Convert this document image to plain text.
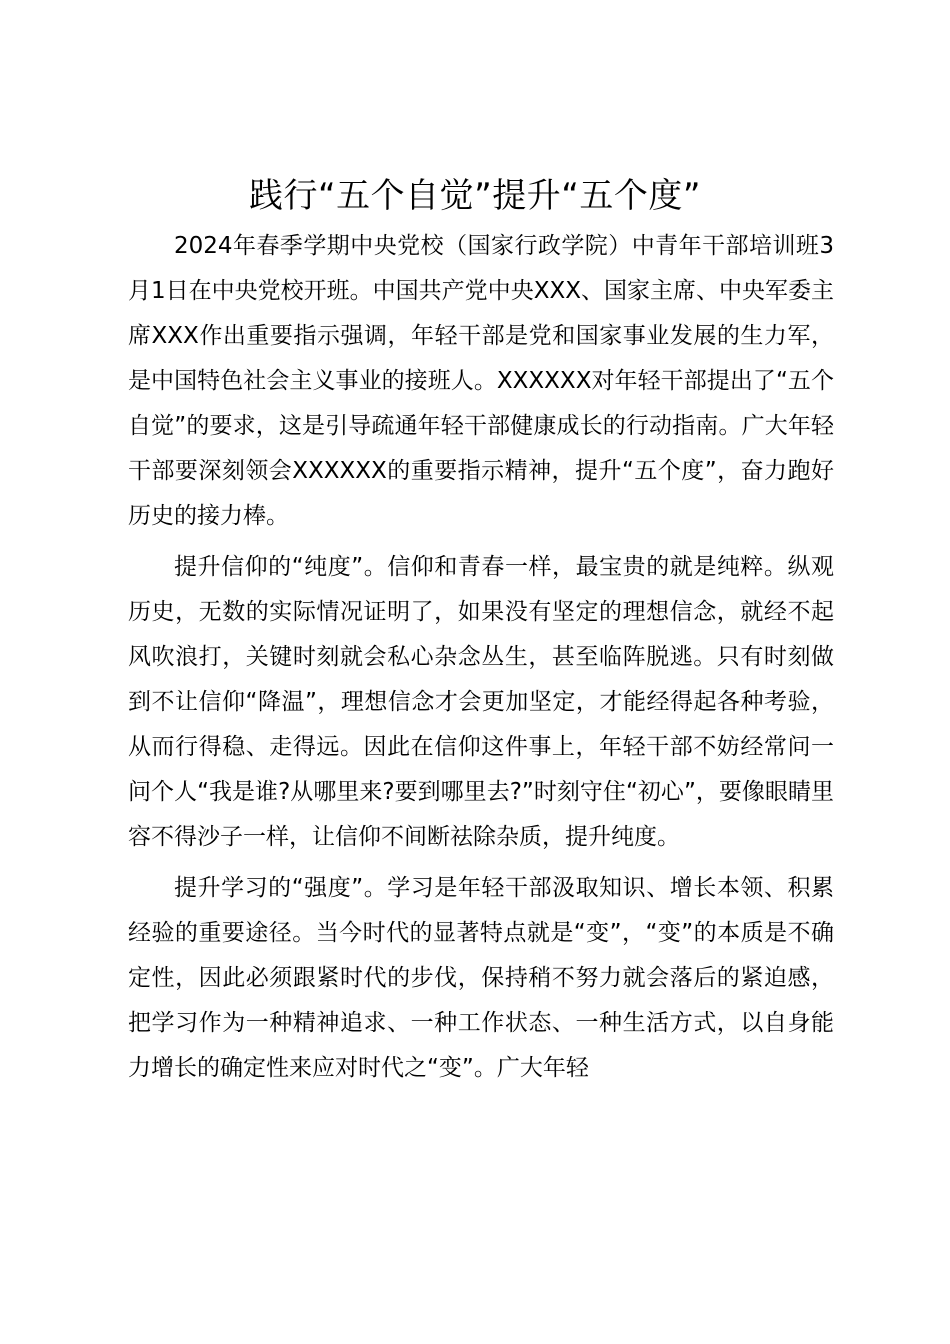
践行“五个自觉”提升“五个度”

2024年春季学期中央党校（国家行政学院）中青年干部培训班3月1日在中央党校开班。中国共产党中央XXX、国家主席、中央军委主席XXX作出重要指示强调，年轻干部是党和国家事业发展的生力军，是中国特色社会主义事业的接班人。XXXXXX对年轻干部提出了“五个自觉”的要求，这是引导疏通年轻干部健康成长的行动指南。广大年轻干部要深刻领会XXXXXX的重要指示精神，提升“五个度”，奋力跑好历史的接力棒。

提升信仰的“纯度”。信仰和青春一样，最宝贵的就是纯粹。纵观历史，无数的实际情况证明了，如果没有坚定的理想信念，就经不起风吹浪打，关键时刻就会私心杂念丛生，甚至临阵脱逃。只有时刻做到不让信仰“降温”，理想信念才会更加坚定，才能经得起各种考验，从而行得稳、走得远。因此在信仰这件事上，年轻干部不妨经常问一问个人“我是谁?从哪里来?要到哪里去?”时刻守住“初心”，要像眼睛里容不得沙子一样，让信仰不间断祛除杂质，提升纯度。

提升学习的“强度”。学习是年轻干部汲取知识、增长本领、积累经验的重要途径。当今时代的显著特点就是“变”，“变”的本质是不确定性，因此必须跟紧时代的步伐，保持稍不努力就会落后的紧迫感，把学习作为一种精神追求、一种工作状态、一种生活方式，以自身能力增长的确定性来应对时代之“变”。广大年轻
